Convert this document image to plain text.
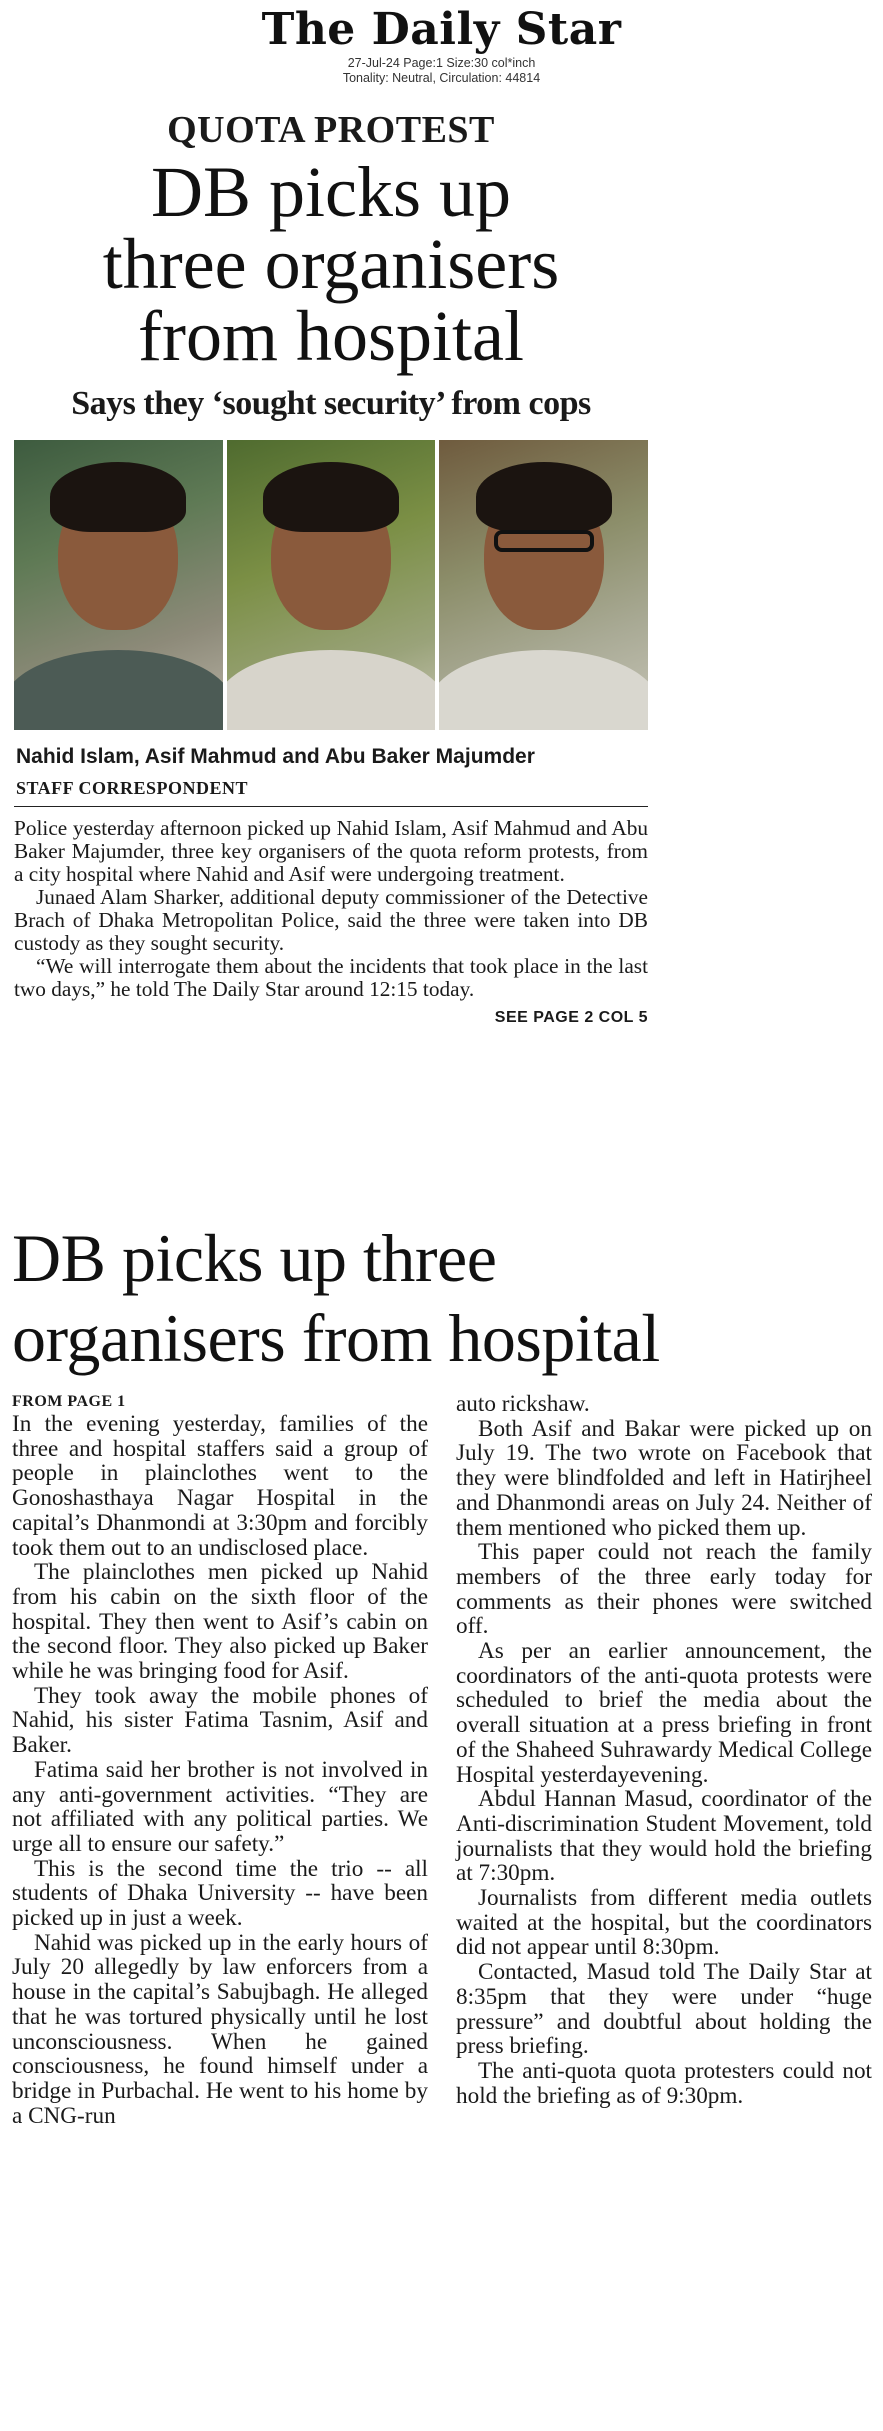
The Daily Star
27-Jul-24 Page:1 Size:30 col*inch
Tonality: Neutral, Circulation: 44814
QUOTA PROTEST
DB picks up
three organisers
from hospital
Says they ‘sought security’ from cops
Nahid Islam, Asif Mahmud and Abu Baker Majumder
STAFF CORRESPONDENT

Police yesterday afternoon picked up Nahid Islam, Asif Mahmud and Abu Baker Majumder, three key organisers of the quota reform protests, from a city hospital where Nahid and Asif were undergoing treatment.

Junaed Alam Sharker, additional deputy commissioner of the Detective Brach of Dhaka Metropolitan Police, said the three were taken into DB custody as they sought security.

“We will interrogate them about the incidents that took place in the last two days,” he told The Daily Star around 12:15 today.

SEE PAGE 2 COL 5
DB picks up three
organisers from hospital
FROM PAGE 1

In the evening yesterday, families of the three and hospital staffers said a group of people in plainclothes went to the Gonoshasthaya Nagar Hospital in the capital’s Dhanmondi at 3:30pm and forcibly took them out to an undisclosed place.

The plainclothes men picked up Nahid from his cabin on the sixth floor of the hospital. They then went to Asif’s cabin on the second floor. They also picked up Baker while he was bringing food for Asif.

They took away the mobile phones of Nahid, his sister Fatima Tasnim, Asif and Baker.

Fatima said her brother is not involved in any anti-government activities. “They are not affiliated with any political parties. We urge all to ensure our safety.”

This is the second time the trio -- all students of Dhaka University -- have been picked up in just a week.

Nahid was picked up in the early hours of July 20 allegedly by law enforcers from a house in the capital’s Sabujbagh. He alleged that he was tortured physically until he lost unconsciousness. When he gained consciousness, he found himself under a bridge in Purbachal. He went to his home by a CNG-run

auto rickshaw.

Both Asif and Bakar were picked up on July 19. The two wrote on Facebook that they were blindfolded and left in Hatirjheel and Dhanmondi areas on July 24. Neither of them mentioned who picked them up.

This paper could not reach the family members of the three early today for comments as their phones were switched off.

As per an earlier announcement, the coordinators of the anti-quota protests were scheduled to brief the media about the overall situation at a press briefing in front of the Shaheed Suhrawardy Medical College Hospital yesterdayevening.

Abdul Hannan Masud, coordinator of the Anti-discrimination Student Movement, told journalists that they would hold the briefing at 7:30pm.

Journalists from different media outlets waited at the hospital, but the coordinators did not appear until 8:30pm.

Contacted, Masud told The Daily Star at 8:35pm that they were under “huge pressure” and doubtful about holding the press briefing.

The anti-quota quota protesters could not hold the briefing as of 9:30pm.
